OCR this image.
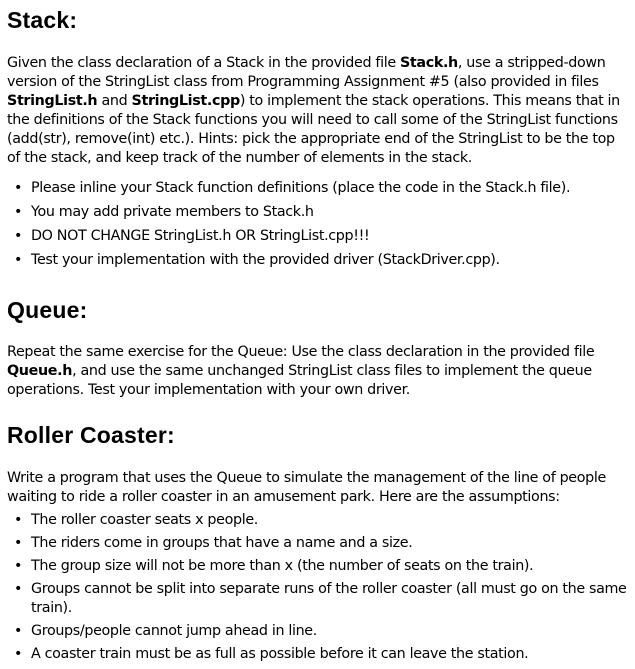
Stack:

Given the class declaration of a Stack in the provided file Stack.h, use a stripped-down version of the StringList class from Programming Assignment #5 (also provided in files
StringList.h and StringList.cpp) to implement the stack operations. This means that in the definitions of the Stack functions you will need to call some of the StringList functions (add(str), remove(int) etc.). Hints: pick the appropriate end of the StringList to be the top of the stack, and keep track of the number of elements in the stack.

• Please inline your Stack function definitions (place the code in the Stack.h file).
• You may add private members to Stack.h
• DO NOT CHANGE StringList.h OR StringList.cpp!!!
• Test your implementation with the provided driver (StackDriver.cpp).
Queue:

Repeat the same exercise for the Queue: Use the class declaration in the provided file
Queue.h, and use the same unchanged StringList class files to implement the queue operations. Test your implementation with your own driver.

Roller Coaster:

Write a program that uses the Queue to simulate the management of the line of people waiting to ride a roller coaster in an amusement park. Here are the assumptions:

• The roller coaster seats x people.
• The riders come in groups that have a name and a size.
• The group size will not be more than x (the number of seats on the train).
• Groups cannot be split into separate runs of the roller coaster (all must go on the same train).
• Groups/people cannot jump ahead in line.
• A coaster train must be as full as possible before it can leave the station.
